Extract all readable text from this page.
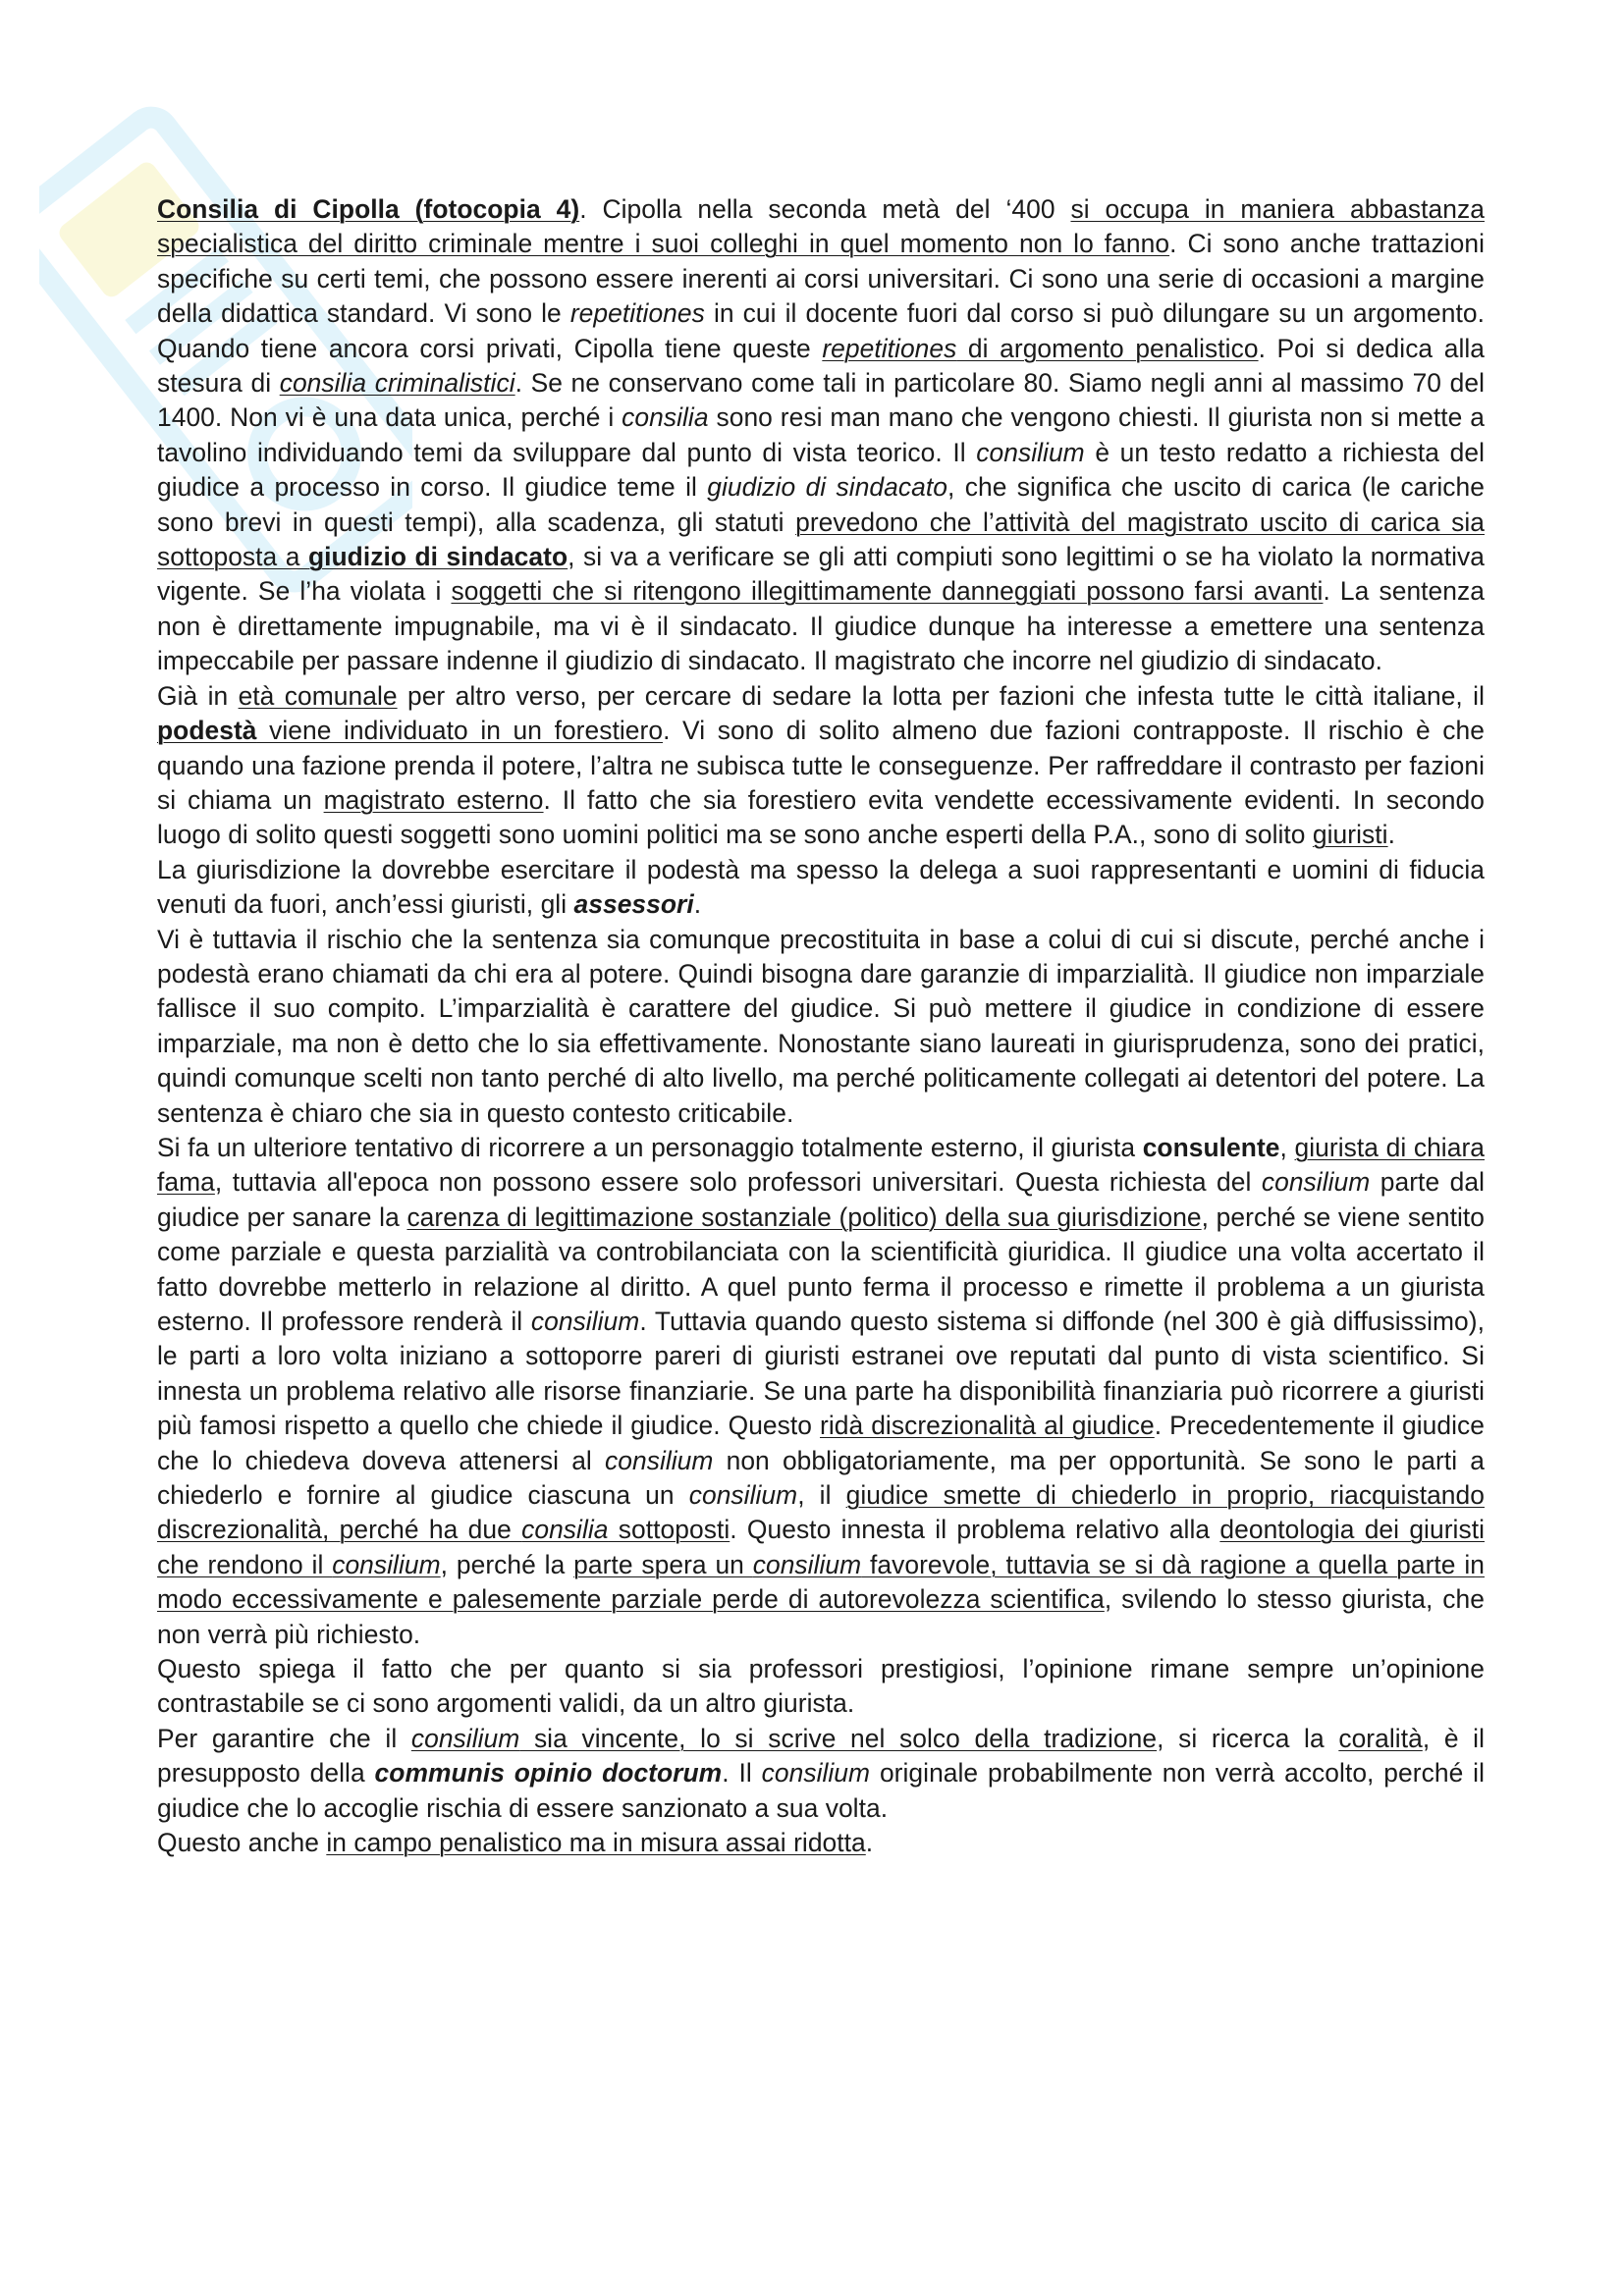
Consilia di Cipolla (fotocopia 4). Cipolla nella seconda metà del ‘400 si occupa in maniera abbastanza specialistica del diritto criminale mentre i suoi colleghi in quel momento non lo fanno. Ci sono anche trattazioni specifiche su certi temi, che possono essere inerenti ai corsi universitari. Ci sono una serie di occasioni a margine della didattica standard. Vi sono le repetitiones in cui il docente fuori dal corso si può dilungare su un argomento. Quando tiene ancora corsi privati, Cipolla tiene queste repetitiones di argomento penalistico. Poi si dedica alla stesura di consilia criminalistici. Se ne conservano come tali in particolare 80. Siamo negli anni al massimo 70 del 1400. Non vi è una data unica, perché i consilia sono resi man mano che vengono chiesti. Il giurista non si mette a tavolino individuando temi da sviluppare dal punto di vista teorico. Il consilium è un testo redatto a richiesta del giudice a processo in corso. Il giudice teme il giudizio di sindacato, che significa che uscito di carica (le cariche sono brevi in questi tempi), alla scadenza, gli statuti prevedono che l’attività del magistrato uscito di carica sia sottoposta a giudizio di sindacato, si va a verificare se gli atti compiuti sono legittimi o se ha violato la normativa vigente. Se l’ha violata i soggetti che si ritengono illegittimamente danneggiati possono farsi avanti. La sentenza non è direttamente impugnabile, ma vi è il sindacato. Il giudice dunque ha interesse a emettere una sentenza impeccabile per passare indenne il giudizio di sindacato. Il magistrato che incorre nel giudizio di sindacato.

Già in età comunale per altro verso, per cercare di sedare la lotta per fazioni che infesta tutte le città italiane, il podestà viene individuato in un forestiero. Vi sono di solito almeno due fazioni contrapposte. Il rischio è che quando una fazione prenda il potere, l’altra ne subisca tutte le conseguenze. Per raffreddare il contrasto per fazioni si chiama un magistrato esterno. Il fatto che sia forestiero evita vendette eccessivamente evidenti. In secondo luogo di solito questi soggetti sono uomini politici ma se sono anche esperti della P.A., sono di solito giuristi.

La giurisdizione la dovrebbe esercitare il podestà ma spesso la delega a suoi rappresentanti e uomini di fiducia venuti da fuori, anch’essi giuristi, gli assessori.

Vi è tuttavia il rischio che la sentenza sia comunque precostituita in base a colui di cui si discute, perché anche i podestà erano chiamati da chi era al potere. Quindi bisogna dare garanzie di imparzialità. Il giudice non imparziale fallisce il suo compito. L’imparzialità è carattere del giudice. Si può mettere il giudice in condizione di essere imparziale, ma non è detto che lo sia effettivamente. Nonostante siano laureati in giurisprudenza, sono dei pratici, quindi comunque scelti non tanto perché di alto livello, ma perché politicamente collegati ai detentori del potere. La sentenza è chiaro che sia in questo contesto criticabile.

Si fa un ulteriore tentativo di ricorrere a un personaggio totalmente esterno, il giurista consulente, giurista di chiara fama, tuttavia all'epoca non possono essere solo professori universitari. Questa richiesta del consilium parte dal giudice per sanare la carenza di legittimazione sostanziale (politico) della sua giurisdizione, perché se viene sentito come parziale e questa parzialità va controbilanciata con la scientificità giuridica. Il giudice una volta accertato il fatto dovrebbe metterlo in relazione al diritto. A quel punto ferma il processo e rimette il problema a un giurista esterno. Il professore renderà il consilium. Tuttavia quando questo sistema si diffonde (nel 300 è già diffusissimo), le parti a loro volta iniziano a sottoporre pareri di giuristi estranei ove reputati dal punto di vista scientifico. Si innesta un problema relativo alle risorse finanziarie. Se una parte ha disponibilità finanziaria può ricorrere a giuristi più famosi rispetto a quello che chiede il giudice. Questo ridà discrezionalità al giudice. Precedentemente il giudice che lo chiedeva doveva attenersi al consilium non obbligatoriamente, ma per opportunità. Se sono le parti a chiederlo e fornire al giudice ciascuna un consilium, il giudice smette di chiederlo in proprio, riacquistando discrezionalità, perché ha due consilia sottoposti. Questo innesta il problema relativo alla deontologia dei giuristi che rendono il consilium, perché la parte spera un consilium favorevole, tuttavia se si dà ragione a quella parte in modo eccessivamente e palesemente parziale perde di autorevolezza scientifica, svilendo lo stesso giurista, che non verrà più richiesto.

Questo spiega il fatto che per quanto si sia professori prestigiosi, l’opinione rimane sempre un’opinione contrastabile se ci sono argomenti validi, da un altro giurista.

Per garantire che il consilium sia vincente, lo si scrive nel solco della tradizione, si ricerca la coralità, è il presupposto della communis opinio doctorum. Il consilium originale probabilmente non verrà accolto, perché il giudice che lo accoglie rischia di essere sanzionato a sua volta.

Questo anche in campo penalistico ma in misura assai ridotta.
